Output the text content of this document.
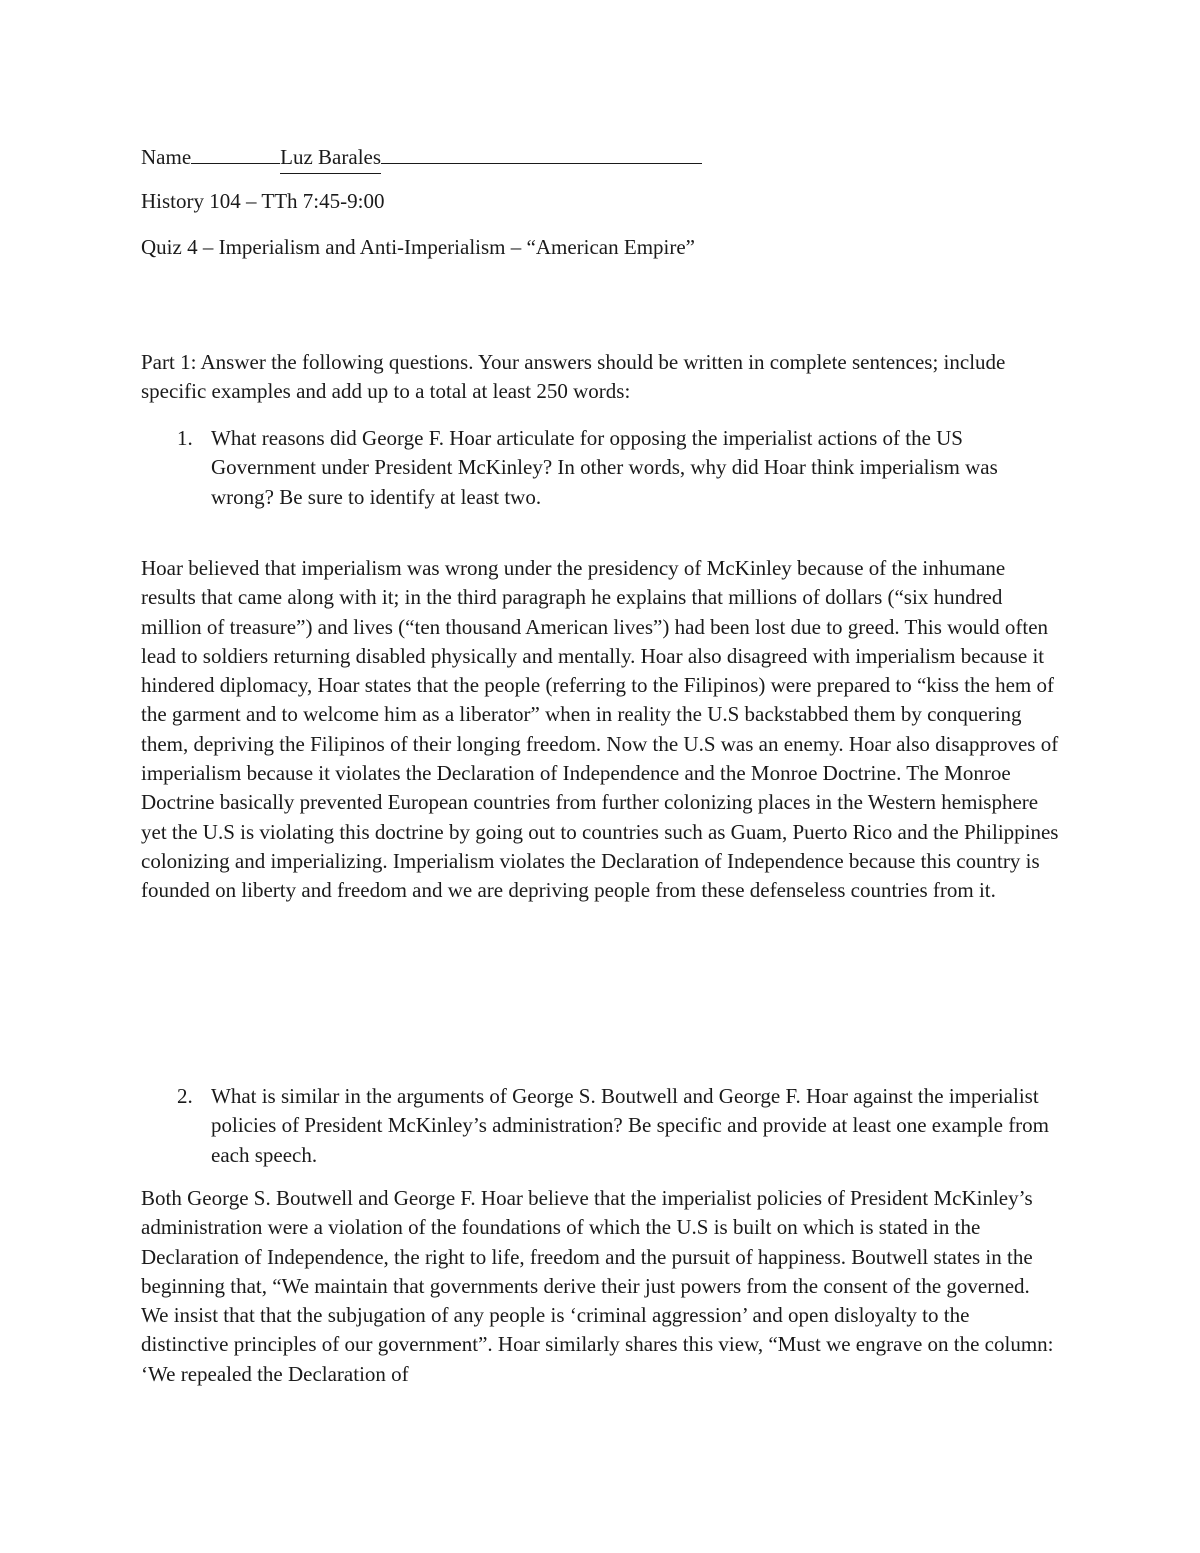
Name	Luz Barales
History 104 – TTh 7:45-9:00
Quiz 4 – Imperialism and Anti-Imperialism – “American Empire”

Part 1: Answer the following questions. Your answers should be written in complete sentences; include specific examples and add up to a total at least 250 words:

1. What reasons did George F. Hoar articulate for opposing the imperialist actions of the US Government under President McKinley? In other words, why did Hoar think imperialism was wrong? Be sure to identify at least two.

Hoar believed that imperialism was wrong under the presidency of McKinley because of the inhumane results that came along with it; in the third paragraph he explains that millions of dollars (“six hundred million of treasure”) and lives (“ten thousand American lives”) had been lost due to greed. This would often lead to soldiers returning disabled physically and mentally. Hoar also disagreed with imperialism because it hindered diplomacy, Hoar states that the people (referring to the Filipinos) were prepared to “kiss the hem of the garment and to welcome him as a liberator” when in reality the U.S backstabbed them by conquering them, depriving the Filipinos of their longing freedom. Now the U.S was an enemy. Hoar also disapproves of imperialism because it violates the Declaration of Independence and the Monroe Doctrine. The Monroe Doctrine basically prevented European countries from further colonizing places in the Western hemisphere yet the U.S is violating this doctrine by going out to countries such as Guam, Puerto Rico and the Philippines colonizing and imperializing. Imperialism violates the Declaration of Independence because this country is founded on liberty and freedom and we are depriving people from these defenseless countries from it.

2. What is similar in the arguments of George S. Boutwell and George F. Hoar against the imperialist policies of President McKinley’s administration? Be specific and provide at least one example from each speech.

Both George S. Boutwell and George F. Hoar believe that the imperialist policies of President McKinley’s administration were a violation of the foundations of which the U.S is built on which is stated in the Declaration of Independence, the right to life, freedom and the pursuit of happiness. Boutwell states in the beginning that, “We maintain that governments derive their just powers from the consent of the governed. We insist that that the subjugation of any people is ‘criminal aggression’ and open disloyalty to the distinctive principles of our government”. Hoar similarly shares this view, “Must we engrave on the column: ‘We repealed the Declaration of
